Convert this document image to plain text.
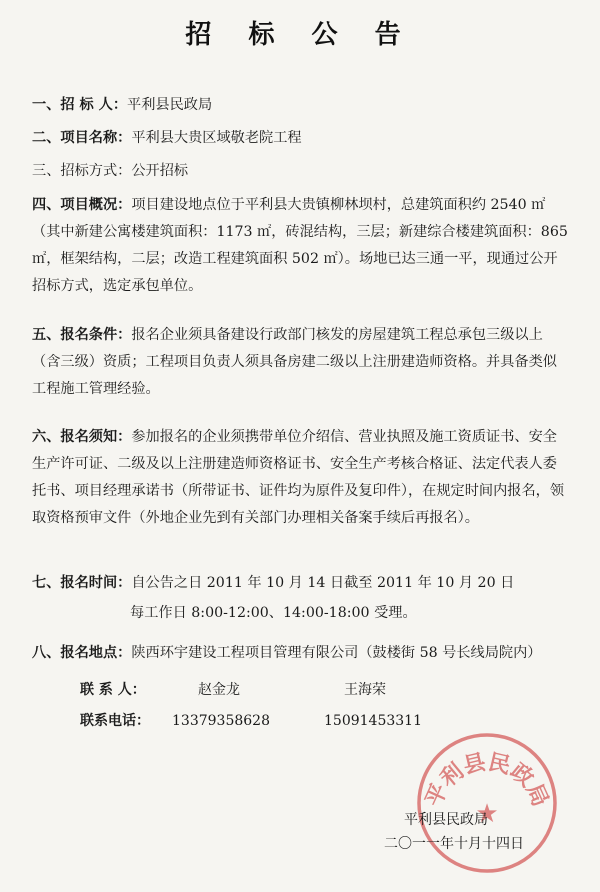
招 标 公 告
一、招 标 人：平利县民政局
二、项目名称：平利县大贵区域敬老院工程
三、招标方式：公开招标
四、项目概况：项目建设地点位于平利县大贵镇柳林坝村，总建筑面积约 2540 ㎡（其中新建公寓楼建筑面积：1173 ㎡，砖混结构，三层；新建综合楼建筑面积：865 ㎡，框架结构，二层；改造工程建筑面积 502 ㎡）。场地已达三通一平，现通过公开招标方式，选定承包单位。
五、报名条件：报名企业须具备建设行政部门核发的房屋建筑工程总承包三级以上（含三级）资质；工程项目负责人须具备房建二级以上注册建造师资格。并具备类似工程施工管理经验。
六、报名须知：参加报名的企业须携带单位介绍信、营业执照及施工资质证书、安全生产许可证、二级及以上注册建造师资格证书、安全生产考核合格证、法定代表人委托书、项目经理承诺书（所带证书、证件均为原件及复印件），在规定时间内报名，领取资格预审文件（外地企业先到有关部门办理相关备案手续后再报名）。
七、报名时间：自公告之日 2011 年 10 月 14 日截至 2011 年 10 月 20 日
每工作日 8:00-12:00、14:00-18:00 受理。
八、报名地点：陕西环宇建设工程项目管理有限公司（鼓楼街 58 号长线局院内）
联 系 人：	赵金龙	王海荣
联系电话： 13379358628	15091453311
平利县民政局
★
平利县民政局
二〇一一年十月十四日
